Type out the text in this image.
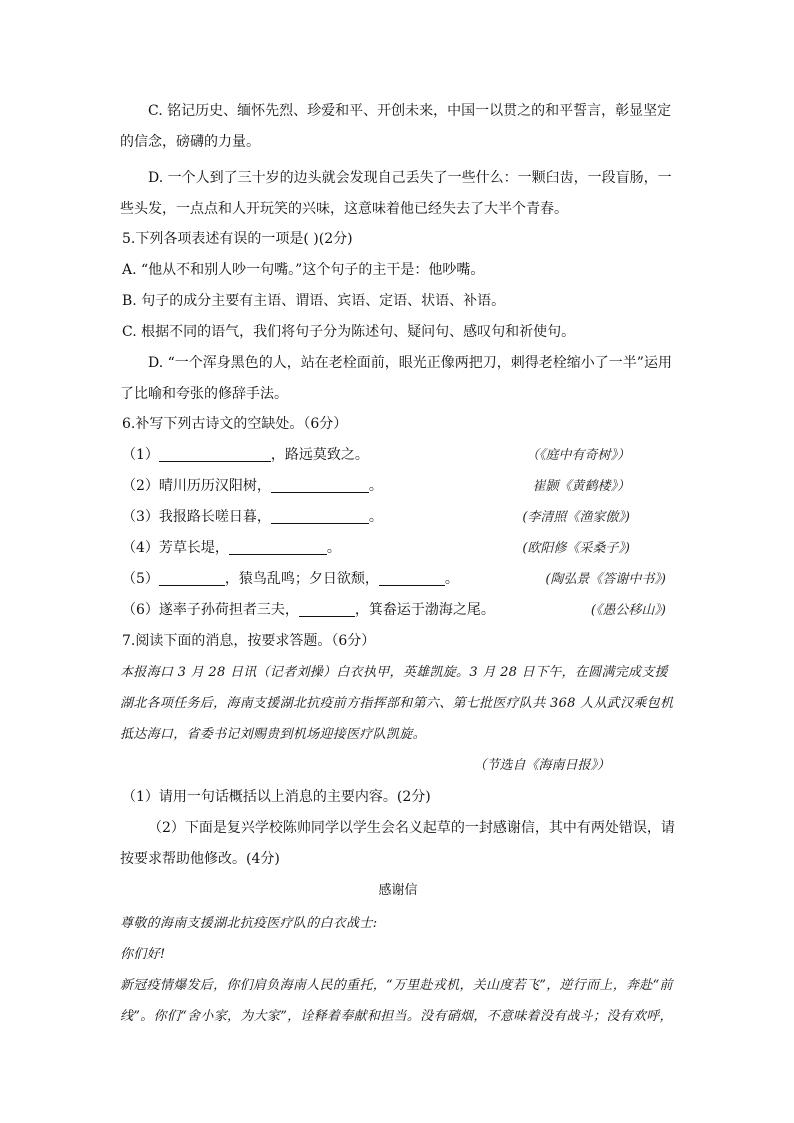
C. 铭记历史、缅怀先烈、珍爱和平、开创未来，中国一以贯之的和平誓言，彰显坚定的信念，磅礴的力量。

D. 一个人到了三十岁的边头就会发现自己丢失了一些什么：一颗臼齿，一段盲肠，一些头发，一点点和人开玩笑的兴味，这意味着他已经失去了大半个青春。

5.下列各项表述有误的一项是( )(2分)

A. “他从不和别人吵一句嘴。”这个句子的主干是：他吵嘴。

B. 句子的成分主要有主语、谓语、宾语、定语、状语、补语。

C. 根据不同的语气，我们将句子分为陈述句、疑问句、感叹句和祈使句。

D. “一个浑身黑色的人，站在老栓面前，眼光正像两把刀，刺得老栓缩小了一半”运用了比喻和夸张的修辞手法。

6.补写下列古诗文的空缺处。（6分）

（1）	，路远莫致之。	（《庭中有奇树》）
（2）晴川历历汉阳树，	。	崔颢《黄鹤楼》）
（3）我报路长嗟日暮，	。	(李清照《渔家傲》)
（4）芳草长堤，	。	(欧阳修《采桑子》)
（5）	，猿鸟乱鸣；夕日欲颓，	。	(陶弘景《答谢中书》)
（6）遂率子孙荷担者三夫，	，箕畚运于渤海之尾。	(《愚公移山》)

7.阅读下面的消息，按要求答题。（6分）

本报海口 3 月 28 日讯（记者刘操）白衣执甲，英雄凯旋。3 月 28 日下午，在圆满完成支援湖北各项任务后，海南支援湖北抗疫前方指挥部和第六、第七批医疗队共 368 人从武汉乘包机抵达海口，省委书记刘赐贵到机场迎接医疗队凯旋。

（节选自《海南日报》）

（1）请用一句话概括以上消息的主要内容。(2分)

（2）下面是复兴学校陈帅同学以学生会名义起草的一封感谢信，其中有两处错误，请按要求帮助他修改。(4分)

感谢信

尊敬的海南支援湖北抗疫医疗队的白衣战士:

你们好!

新冠疫情爆发后，你们肩负海南人民的重托，“万里赴戎机，关山度若飞”，逆行而上，奔赴“前线”。你们“舍小家，为大家”，诠释着奉献和担当。没有硝烟，不意味着没有战斗；没有欢呼，
